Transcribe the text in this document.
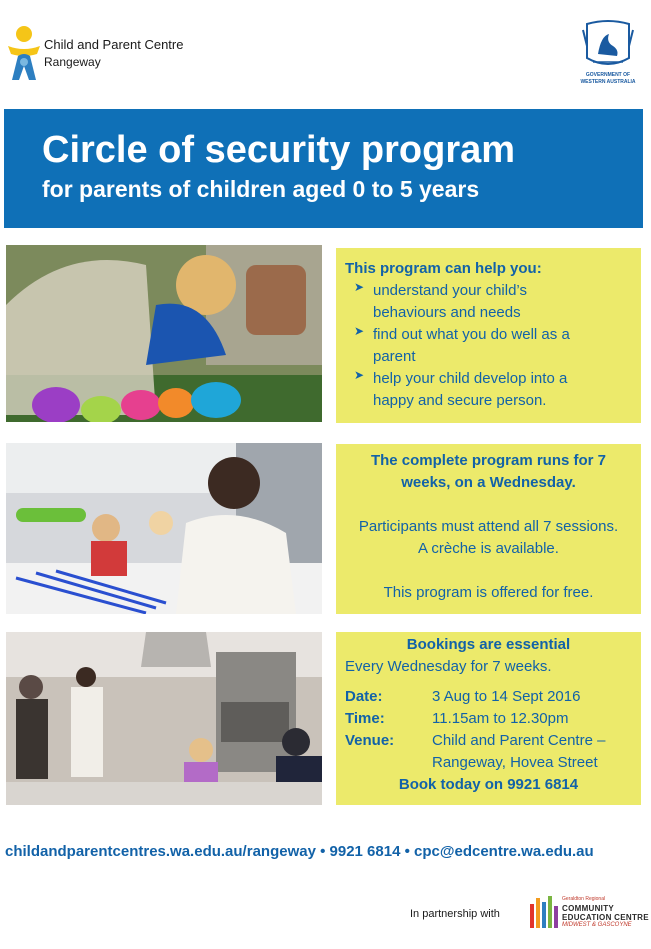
Child and Parent Centre
Rangeway
GOVERNMENT OF
WESTERN AUSTRALIA
Circle of security program
for parents of children aged 0 to 5 years
This program can help you:
➤ understand your child’s
behaviours and needs
➤ find out what you do well as a
parent
➤ help your child develop into a
happy and secure person.
The complete program runs for 7
weeks, on a Wednesday.
Participants must attend all 7 sessions.
A crèche is available.
This program is offered for free.
Bookings are essential
Every Wednesday for 7 weeks.
Date:	3 Aug to 14 Sept 2016
Time:	11.15am to 12.30pm
Venue:	Child and Parent Centre –
Rangeway, Hovea Street
Book today on 9921 6814
childandparentcentres.wa.edu.au/rangeway • 9921 6814 • cpc@edcentre.wa.edu.au
In partnership with
Geraldton Regional
COMMUNITY
EDUCATION CENTRE
MIDWEST & GASCOYNE
